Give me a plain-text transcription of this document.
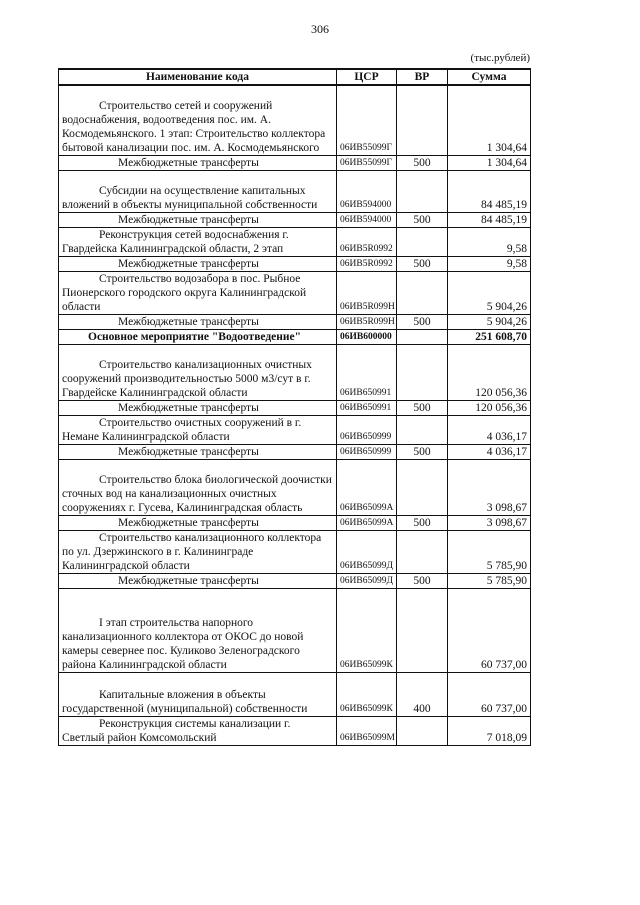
306
(тыс.рублей)
Наименование кода	ЦСР	ВР	Сумма

Строительство сетей и сооружений водоснабжения, водоотведения пос. им. А. Космодемьянского. 1 этап: Строительство коллектора бытовой канализации пос. им. А. Космодемьянского	06ИВ55099Г		1 304,64

Межбюджетные трансферты	06ИВ55099Г	500	1 304,64

Субсидии на осуществление капитальных вложений в объекты муниципальной собственности	06ИВ594000		84 485,19

Межбюджетные трансферты	06ИВ594000	500	84 485,19

Реконструкция сетей водоснабжения г. Гвардейска Калининградской области, 2 этап	06ИВ5R0992		9,58

Межбюджетные трансферты	06ИВ5R0992	500	9,58

Строительство водозабора в пос. Рыбное Пионерского городского округа Калининградской области	06ИВ5R099Н		5 904,26

Межбюджетные трансферты	06ИВ5R099Н	500	5 904,26

Основное мероприятие "Водоотведение"	06ИВ600000		251 608,70

Строительство канализационных очистных сооружений производительностью 5000 м3/сут в г. Гвардейске Калининградской области	06ИВ650991		120 056,36

Межбюджетные трансферты	06ИВ650991	500	120 056,36

Строительство очистных сооружений в г. Немане Калининградской области	06ИВ650999		4 036,17

Межбюджетные трансферты	06ИВ650999	500	4 036,17

Строительство блока биологической доочистки сточных вод на канализационных очистных сооружениях г. Гусева, Калининградская область	06ИВ65099А		3 098,67

Межбюджетные трансферты	06ИВ65099А	500	3 098,67

Строительство канализационного коллектора по ул. Дзержинского в г. Калининграде Калининградской области	06ИВ65099Д		5 785,90

Межбюджетные трансферты	06ИВ65099Д	500	5 785,90

I этап строительства напорного канализационного коллектора от ОКОС до новой камеры севернее пос. Куликово Зеленоградского района Калининградской области	06ИВ65099К		60 737,00

Капитальные вложения в объекты государственной (муниципальной) собственности	06ИВ65099К	400	60 737,00

Реконструкция системы канализации г. Светлый район Комсомольский	06ИВ65099М		7 018,09
